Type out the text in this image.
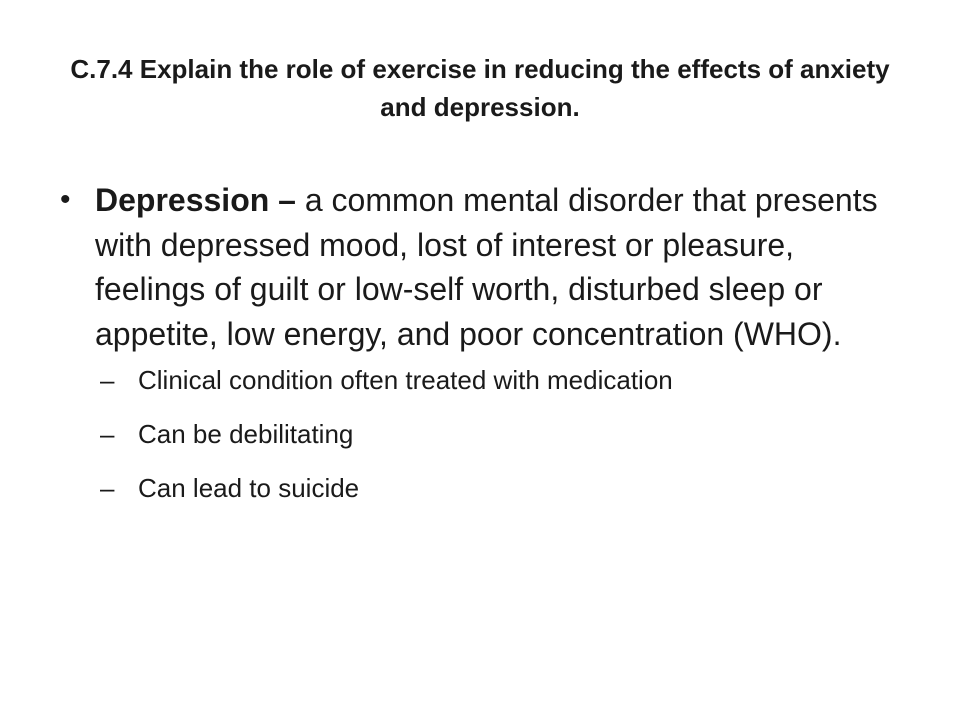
C.7.4 Explain the role of exercise in reducing the effects of anxiety and depression.

• Depression – a common mental disorder that presents with depressed mood, lost of interest or pleasure, feelings of guilt or low-self worth, disturbed sleep or appetite, low energy, and poor concentration (WHO).

– Clinical condition often treated with medication
– Can be debilitating
– Can lead to suicide
